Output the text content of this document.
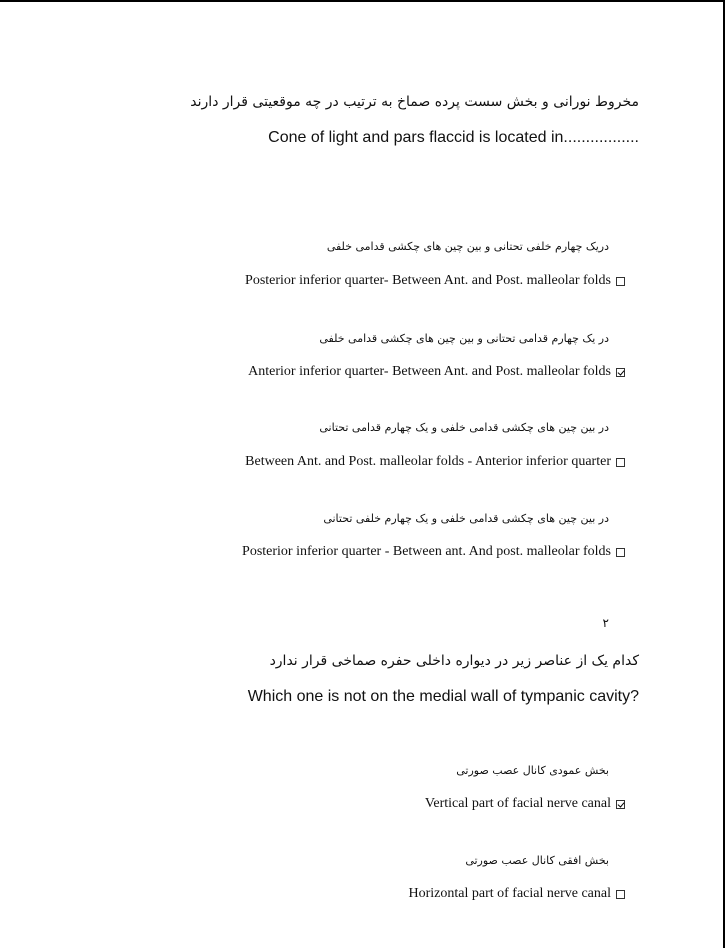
مخروط نورانی و بخش سست پرده صماخ به ترتیب در چه موقعیتی قرار دارند
Cone of light and pars flaccid is located in.................
دریک چهارم خلفی تحتانی و بین چین های چکشی قدامی خلفی
Posterior inferior quarter- Between Ant. and Post. malleolar folds
در یک چهارم قدامی تحتانی و بین چین های چکشی قدامی خلفی
Anterior inferior quarter- Between Ant. and Post. malleolar folds
در بین چین های چکشی قدامی خلفی و یک چهارم قدامی تحتانی
Between Ant. and Post. malleolar folds - Anterior inferior quarter
در بین چین های چکشی قدامی خلفی و یک چهارم خلفی تحتانی
Posterior inferior quarter - Between ant. And post. malleolar folds
۲
کدام یک از عناصر زیر در دیواره داخلی حفره صماخی قرار ندارد
Which one is not on the medial wall of tympanic cavity?
بخش عمودی کانال عصب صورتی
Vertical part of facial nerve canal
بخش افقی کانال عصب صورتی
Horizontal part of facial nerve canal
